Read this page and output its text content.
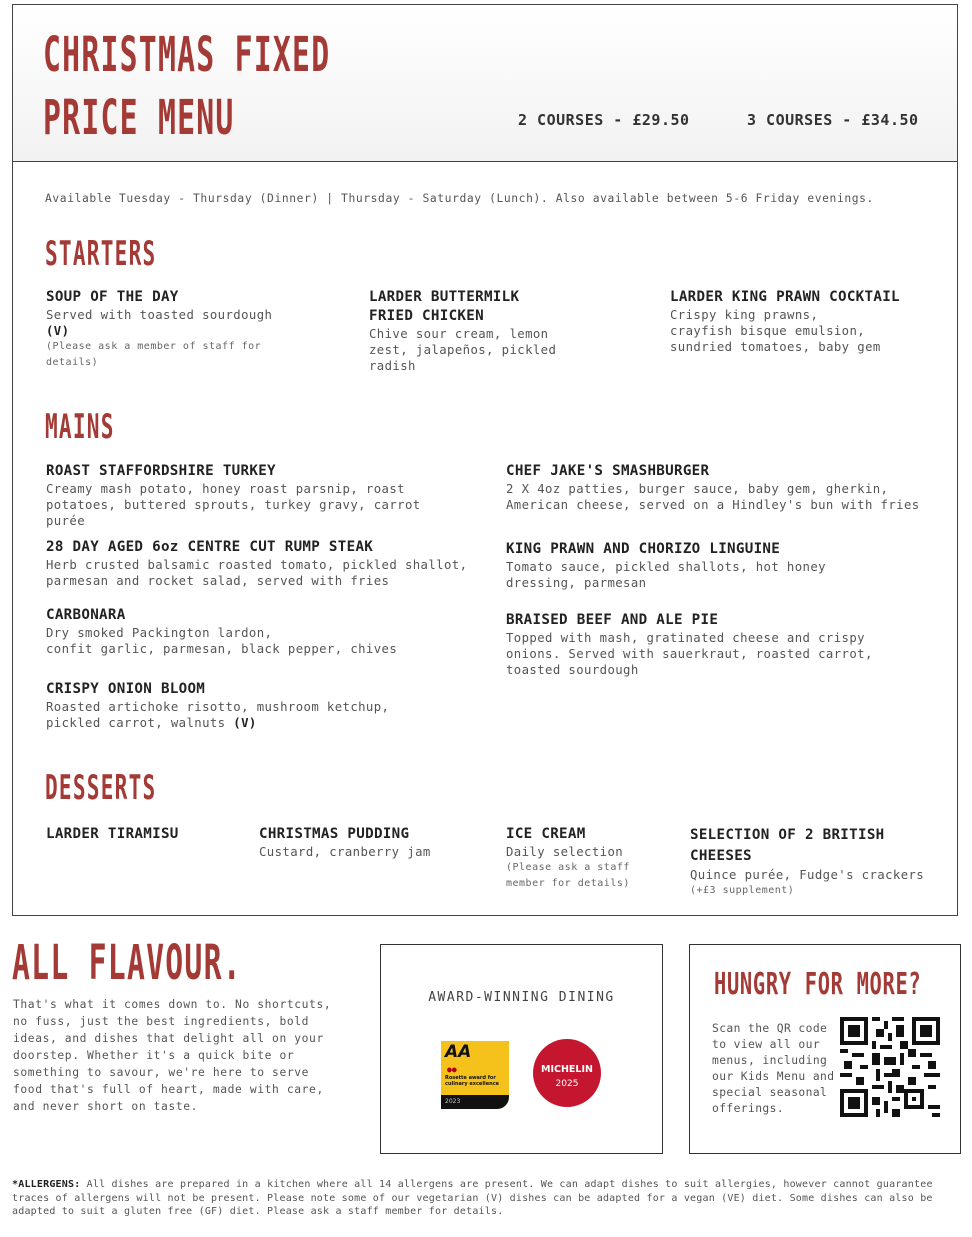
CHRISTMAS FIXED
PRICE MENU	2 COURSES - £29.50	3 COURSES - £34.50
Available Tuesday - Thursday (Dinner) | Thursday - Saturday (Lunch). Also available between 5-6 Friday evenings.
STARTERS
SOUP OF THE DAY
Served with toasted sourdough
(V)
(Please ask a member of staff for details)
LARDER BUTTERMILK
FRIED CHICKEN
Chive sour cream, lemon zest, jalapeños, pickled radish
LARDER KING PRAWN COCKTAIL
Crispy king prawns, crayfish bisque emulsion, sundried tomatoes, baby gem
MAINS
ROAST STAFFORDSHIRE TURKEY
Creamy mash potato, honey roast parsnip, roast potatoes, buttered sprouts, turkey gravy, carrot purée
28 DAY AGED 6oz CENTRE CUT RUMP STEAK
Herb crusted balsamic roasted tomato, pickled shallot, parmesan and rocket salad, served with fries
CARBONARA
Dry smoked Packington lardon,
confit garlic, parmesan, black pepper, chives
CRISPY ONION BLOOM
Roasted artichoke risotto, mushroom ketchup,
pickled carrot, walnuts (V)
CHEF JAKE'S SMASHBURGER
2 X 4oz patties, burger sauce, baby gem, gherkin, American cheese, served on a Hindley's bun with fries
KING PRAWN AND CHORIZO LINGUINE
Tomato sauce, pickled shallots, hot honey dressing, parmesan
BRAISED BEEF AND ALE PIE
Topped with mash, gratinated cheese and crispy onions. Served with sauerkraut, roasted carrot, toasted sourdough
DESSERTS
LARDER TIRAMISU	CHRISTMAS PUDDING
Custard, cranberry jam
ICE CREAM
Daily selection
(Please ask a staff member for details)
SELECTION OF 2 BRITISH
CHEESES
Quince purée, Fudge's crackers
(+£3 supplement)
ALL FLAVOUR.
That's what it comes down to. No shortcuts, no fuss, just the best ingredients, bold ideas, and dishes that delight all on your doorstep. Whether it's a quick bite or something to savour, we're here to serve food that's full of heart, made with care, and never short on taste.
AWARD-WINNING DINING
AA
●●
Rosette award for culinary excellence
2023
MICHELIN
2025
HUNGRY FOR MORE?
Scan the QR code to view all our menus, including our Kids Menu and special seasonal offerings.
*ALLERGENS: All dishes are prepared in a kitchen where all 14 allergens are present. We can adapt dishes to suit allergies, however cannot guarantee traces of allergens will not be present. Please note some of our vegetarian (V) dishes can be adapted for a vegan (VE) diet. Some dishes can also be adapted to suit a gluten free (GF) diet. Please ask a staff member for details.
